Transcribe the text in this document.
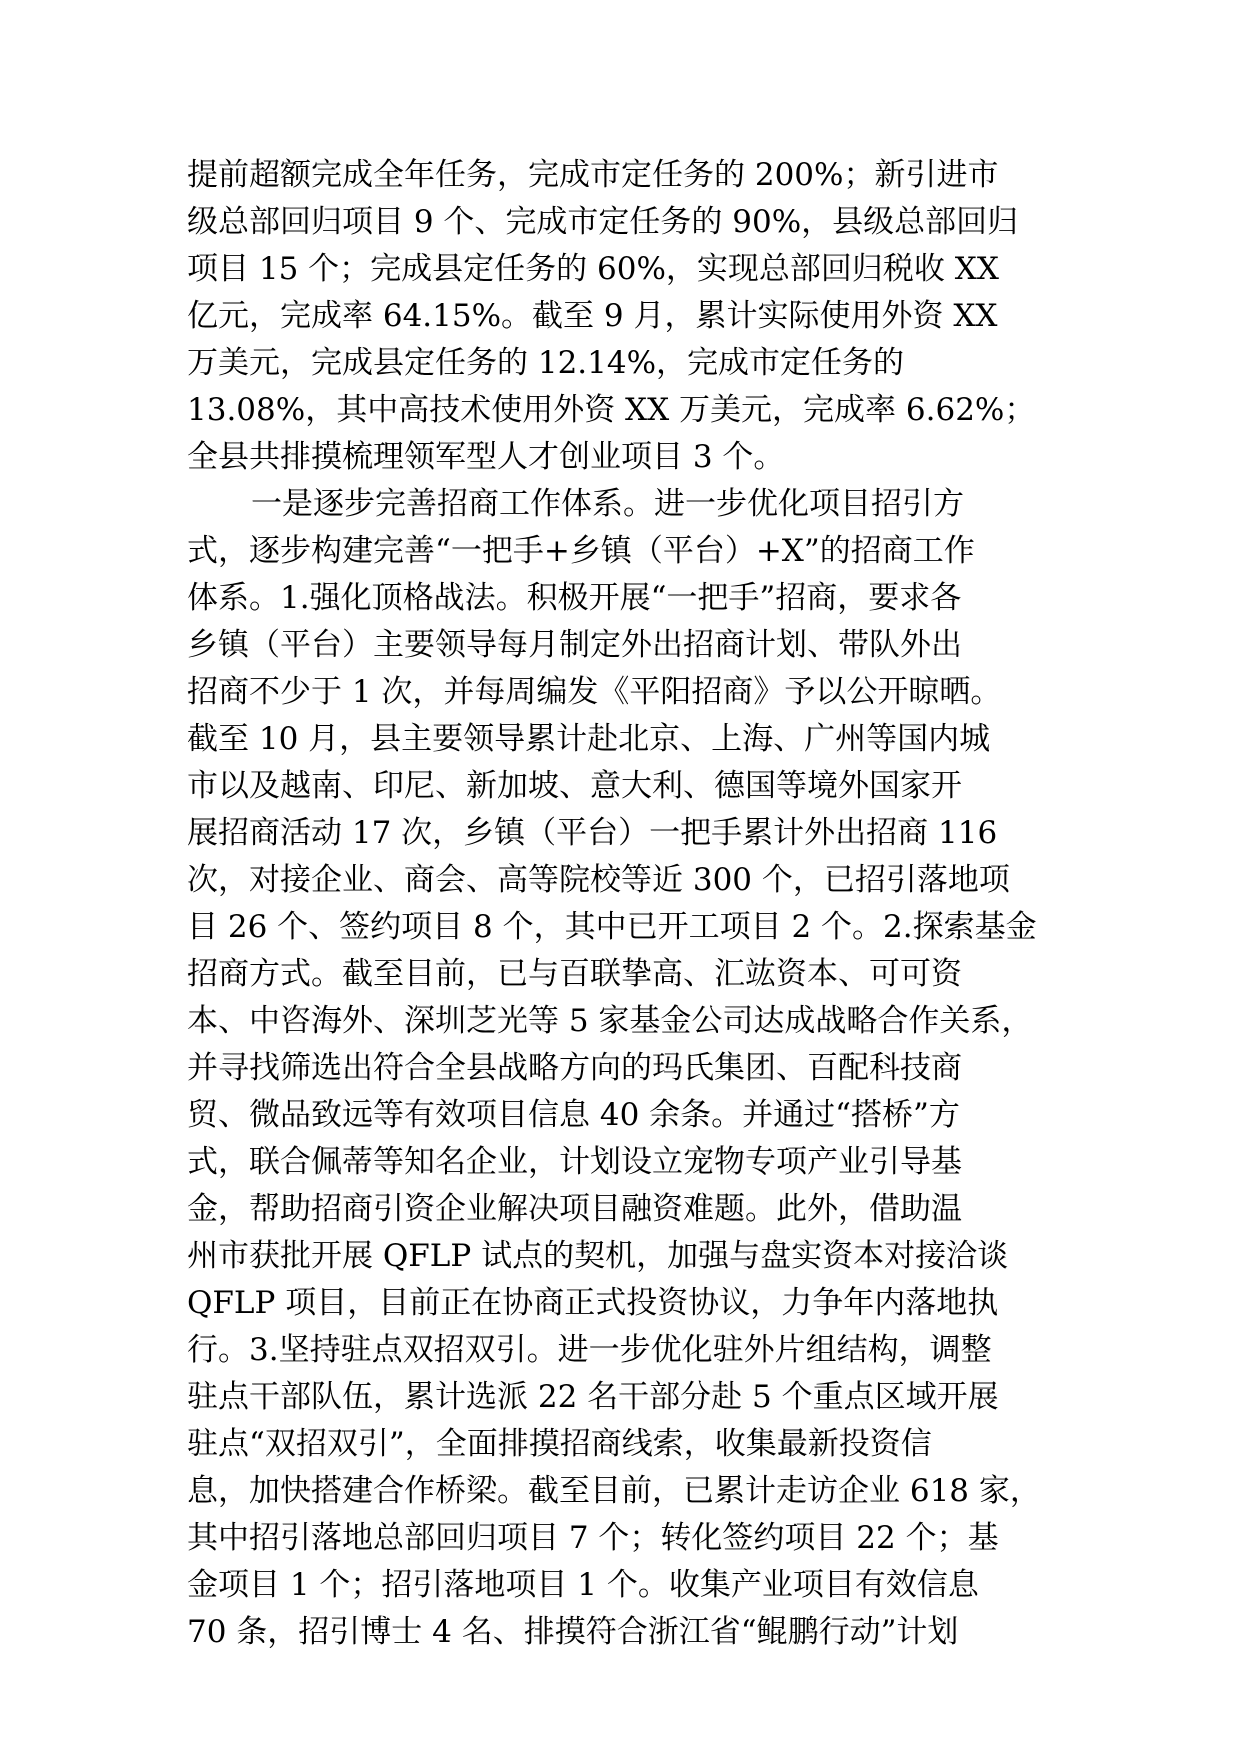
提前超额完成全年任务，完成市定任务的 200%；新引进市
级总部回归项目 9 个、完成市定任务的 90%，县级总部回归
项目 15 个；完成县定任务的 60%，实现总部回归税收 XX
亿元，完成率 64.15%。截至 9 月，累计实际使用外资 XX
万美元，完成县定任务的 12.14%，完成市定任务的
13.08%，其中高技术使用外资 XX 万美元，完成率 6.62%；
全县共排摸梳理领军型人才创业项目 3 个。
一是逐步完善招商工作体系。进一步优化项目招引方
式，逐步构建完善“一把手+乡镇（平台）+X”的招商工作
体系。1.强化顶格战法。积极开展“一把手”招商，要求各
乡镇（平台）主要领导每月制定外出招商计划、带队外出
招商不少于 1 次，并每周编发《平阳招商》予以公开晾晒。
截至 10 月，县主要领导累计赴北京、上海、广州等国内城
市以及越南、印尼、新加坡、意大利、德国等境外国家开
展招商活动 17 次，乡镇（平台）一把手累计外出招商 116
次，对接企业、商会、高等院校等近 300 个，已招引落地项
目 26 个、签约项目 8 个，其中已开工项目 2 个。2.探索基金
招商方式。截至目前，已与百联挚高、汇竑资本、可可资
本、中咨海外、深圳芝光等 5 家基金公司达成战略合作关系，
并寻找筛选出符合全县战略方向的玛氏集团、百配科技商
贸、微品致远等有效项目信息 40 余条。并通过“搭桥”方
式，联合佩蒂等知名企业，计划设立宠物专项产业引导基
金，帮助招商引资企业解决项目融资难题。此外，借助温
州市获批开展 QFLP 试点的契机，加强与盘实资本对接洽谈
QFLP 项目，目前正在协商正式投资协议，力争年内落地执
行。3.坚持驻点双招双引。进一步优化驻外片组结构，调整
驻点干部队伍，累计选派 22 名干部分赴 5 个重点区域开展
驻点“双招双引”，全面排摸招商线索，收集最新投资信
息，加快搭建合作桥梁。截至目前，已累计走访企业 618 家，
其中招引落地总部回归项目 7 个；转化签约项目 22 个；基
金项目 1 个；招引落地项目 1 个。收集产业项目有效信息
70 条，招引博士 4 名、排摸符合浙江省“鲲鹏行动”计划
